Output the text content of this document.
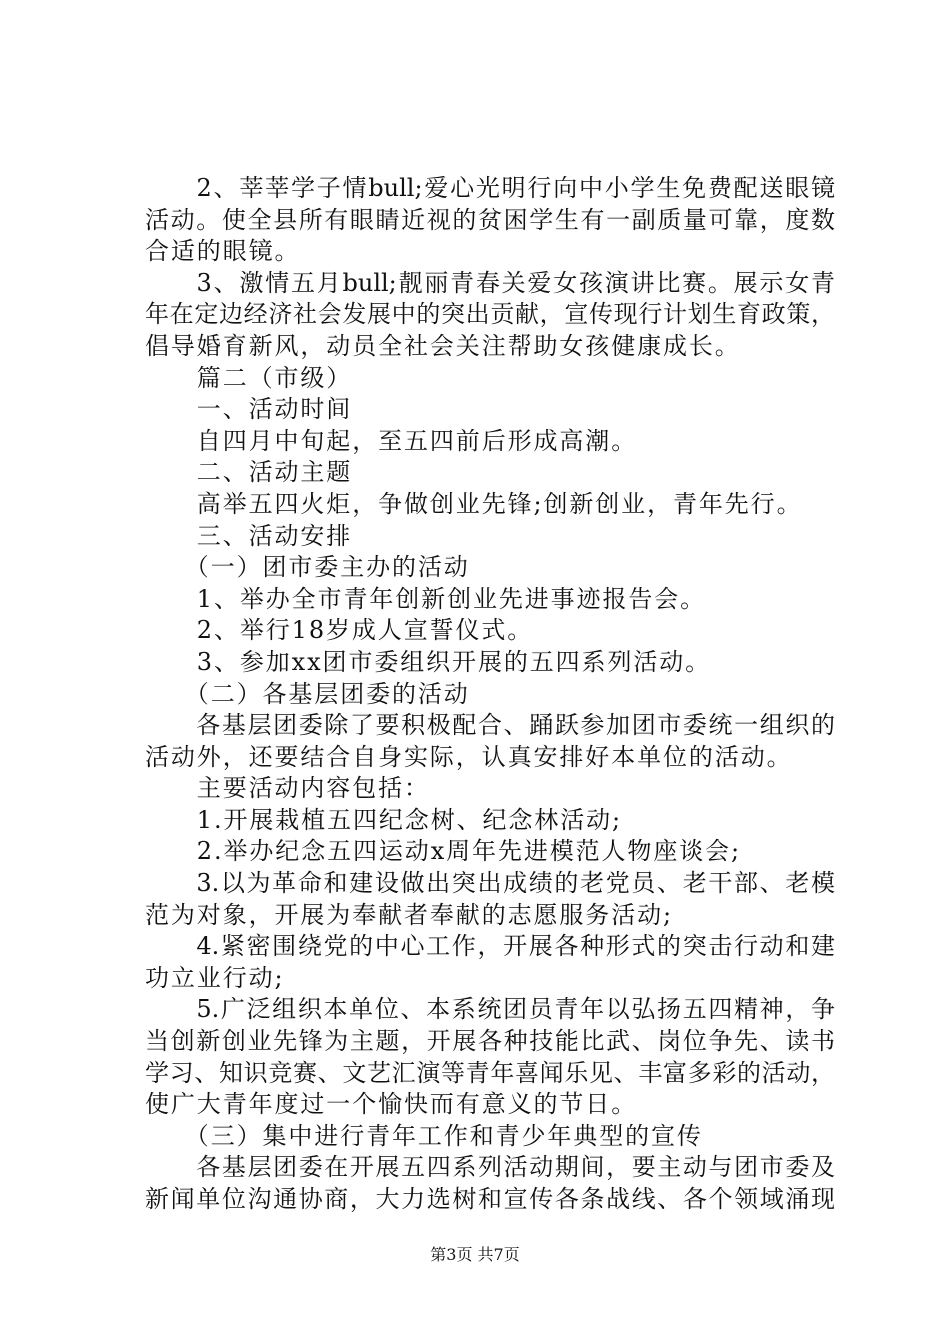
　　2、莘莘学子情bull;爱心光明行向中小学生免费配送眼镜
活动。使全县所有眼睛近视的贫困学生有一副质量可靠，度数
合适的眼镜。
　　3、激情五月bull;靓丽青春关爱女孩演讲比赛。展示女青
年在定边经济社会发展中的突出贡献，宣传现行计划生育政策，
倡导婚育新风，动员全社会关注帮助女孩健康成长。
　　篇二（市级）
　　一、活动时间
　　自四月中旬起，至五四前后形成高潮。
　　二、活动主题
　　高举五四火炬，争做创业先锋;创新创业，青年先行。
　　三、活动安排
　　（一）团市委主办的活动
　　1、举办全市青年创新创业先进事迹报告会。
　　2、举行18岁成人宣誓仪式。
　　3、参加xx团市委组织开展的五四系列活动。
　　（二）各基层团委的活动
　　各基层团委除了要积极配合、踊跃参加团市委统一组织的
活动外，还要结合自身实际，认真安排好本单位的活动。
　　主要活动内容包括：
　　1.开展栽植五四纪念树、纪念林活动;
　　2.举办纪念五四运动x周年先进模范人物座谈会;
　　3.以为革命和建设做出突出成绩的老党员、老干部、老模
范为对象，开展为奉献者奉献的志愿服务活动;
　　4.紧密围绕党的中心工作，开展各种形式的突击行动和建
功立业行动;
　　5.广泛组织本单位、本系统团员青年以弘扬五四精神，争
当创新创业先锋为主题，开展各种技能比武、岗位争先、读书
学习、知识竞赛、文艺汇演等青年喜闻乐见、丰富多彩的活动，
使广大青年度过一个愉快而有意义的节日。
　　（三）集中进行青年工作和青少年典型的宣传
　　各基层团委在开展五四系列活动期间，要主动与团市委及
新闻单位沟通协商，大力选树和宣传各条战线、各个领域涌现
第3页 共7页
